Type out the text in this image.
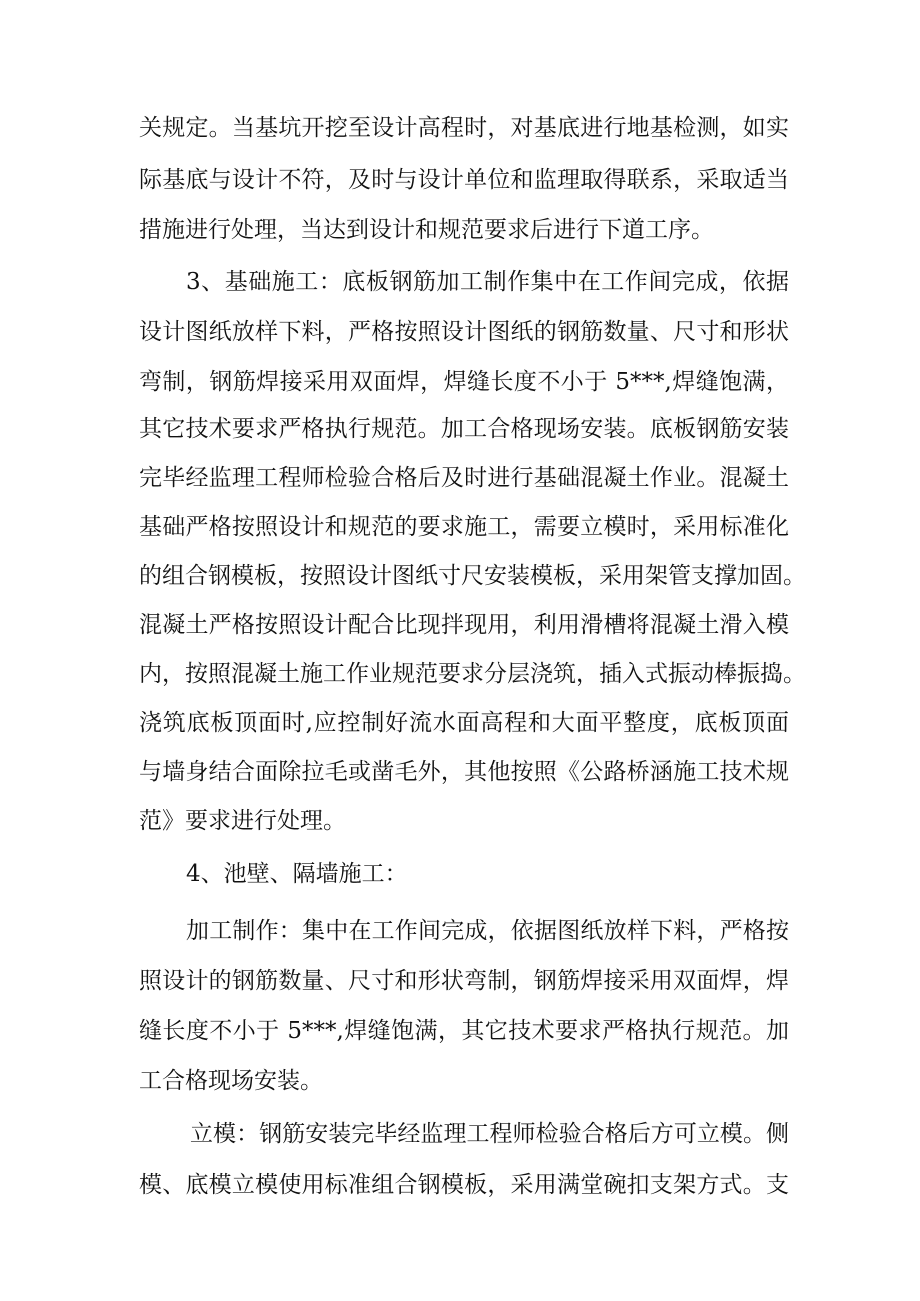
关规定。当基坑开挖至设计高程时，对基底进行地基检测，如实
际基底与设计不符，及时与设计单位和监理取得联系，采取适当
措施进行处理，当达到设计和规范要求后进行下道工序。
3、基础施工：底板钢筋加工制作集中在工作间完成，依据
设计图纸放样下料，严格按照设计图纸的钢筋数量、尺寸和形状
弯制，钢筋焊接采用双面焊，焊缝长度不小于 5***,焊缝饱满，
其它技术要求严格执行规范。加工合格现场安装。底板钢筋安装
完毕经监理工程师检验合格后及时进行基础混凝土作业。混凝土
基础严格按照设计和规范的要求施工，需要立模时，采用标准化
的组合钢模板，按照设计图纸寸尺安装模板，采用架管支撑加固。
混凝土严格按照设计配合比现拌现用，利用滑槽将混凝土滑入模
内，按照混凝土施工作业规范要求分层浇筑，插入式振动棒振捣。
浇筑底板顶面时,应控制好流水面高程和大面平整度，底板顶面
与墙身结合面除拉毛或凿毛外，其他按照《公路桥涵施工技术规
范》要求进行处理。
4、池壁、隔墙施工：
加工制作：集中在工作间完成，依据图纸放样下料，严格按
照设计的钢筋数量、尺寸和形状弯制，钢筋焊接采用双面焊，焊
缝长度不小于 5***,焊缝饱满，其它技术要求严格执行规范。加
工合格现场安装。
立模：钢筋安装完毕经监理工程师检验合格后方可立模。侧
模、底模立模使用标准组合钢模板，采用满堂碗扣支架方式。支
